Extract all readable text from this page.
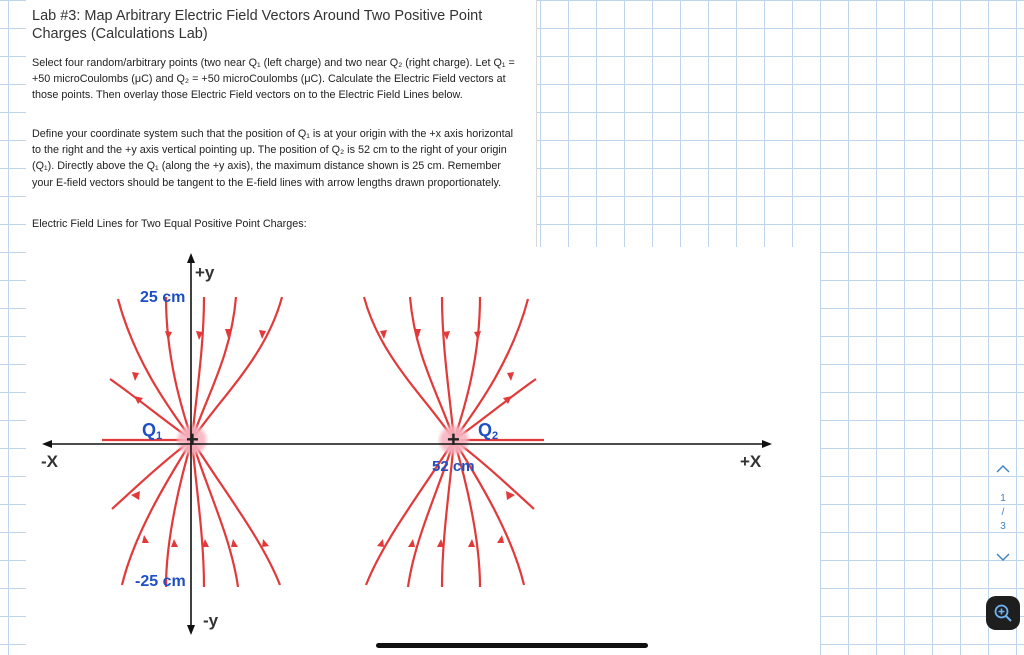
Lab #3: Map Arbitrary Electric Field Vectors Around Two Positive Point Charges (Calculations Lab)
Select four random/arbitrary points (two near Q₁ (left charge) and two near Q₂ (right charge). Let Q₁ = +50 microCoulombs (μC) and Q₂ = +50 microCoulombs (μC). Calculate the Electric Field vectors at those points. Then overlay those Electric Field vectors on to the Electric Field Lines below.
Define your coordinate system such that the position of Q₁ is at your origin with the +x axis horizontal to the right and the +y axis vertical pointing up. The position of Q₂ is 52 cm to the right of your origin (Q₁). Directly above the Q₁ (along the +y axis), the maximum distance shown is 25 cm. Remember your E-field vectors should be tangent to the E-field lines with arrow lengths drawn proportionately.
Electric Field Lines for Two Equal Positive Point Charges:
+	+
+y
-y
-X	+X
25 cm
-25 cm
52 cm
Q1	Q2
1
/
3
